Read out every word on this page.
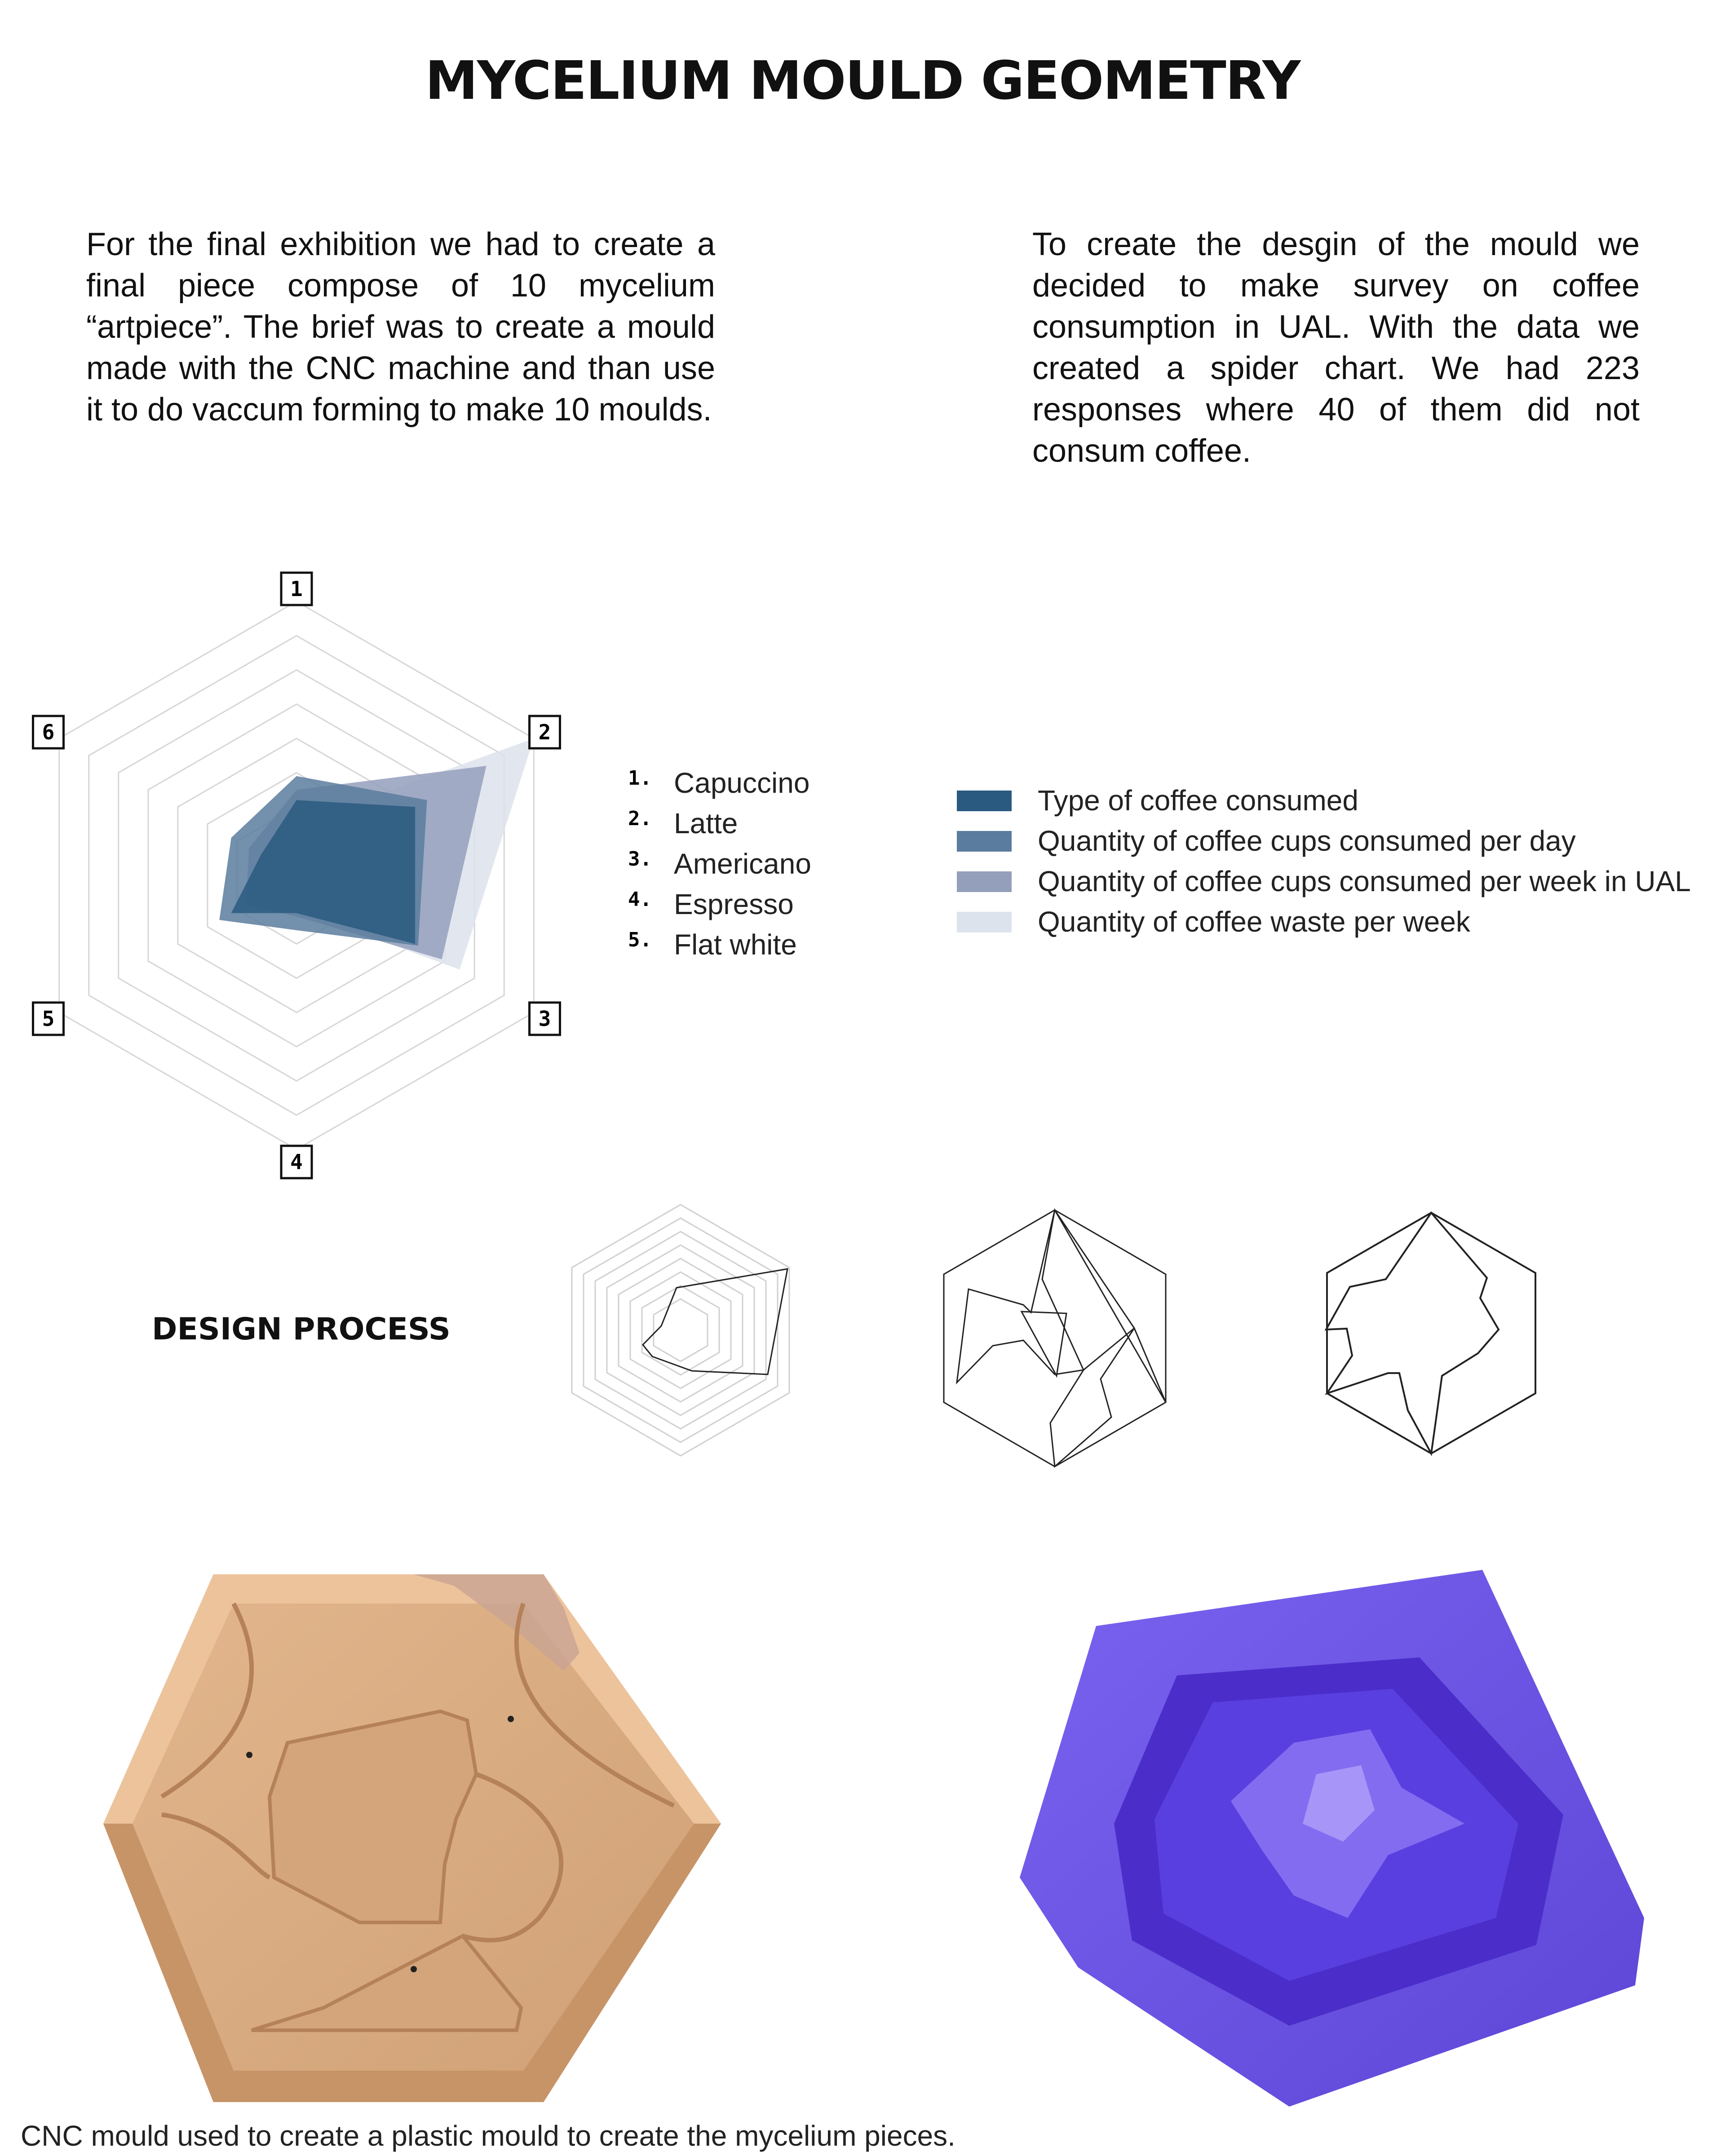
MYCELIUM MOULD GEOMETRY
For the final exhibition we had to create a final piece compose of 10 mycelium “artpiece”. The brief was to create a mould made with the CNC machine and than use it to do vaccum forming to make 10 moulds.
To create the desgin of the mould we decided to make survey on coffee consumption in UAL. With the data we created a spider chart. We had 223 responses where 40 of them did not consum coffee.
1
2
3
4
5
6
1. Capuccino
2. Latte
3. Americano
4. Espresso
5. Flat white
Type of coffee consumed
Quantity of coffee cups consumed per day
Quantity of coffee cups consumed per week in UAL
Quantity of coffee waste per week
DESIGN PROCESS
CNC mould used to create a plastic mould to create the mycelium pieces.
